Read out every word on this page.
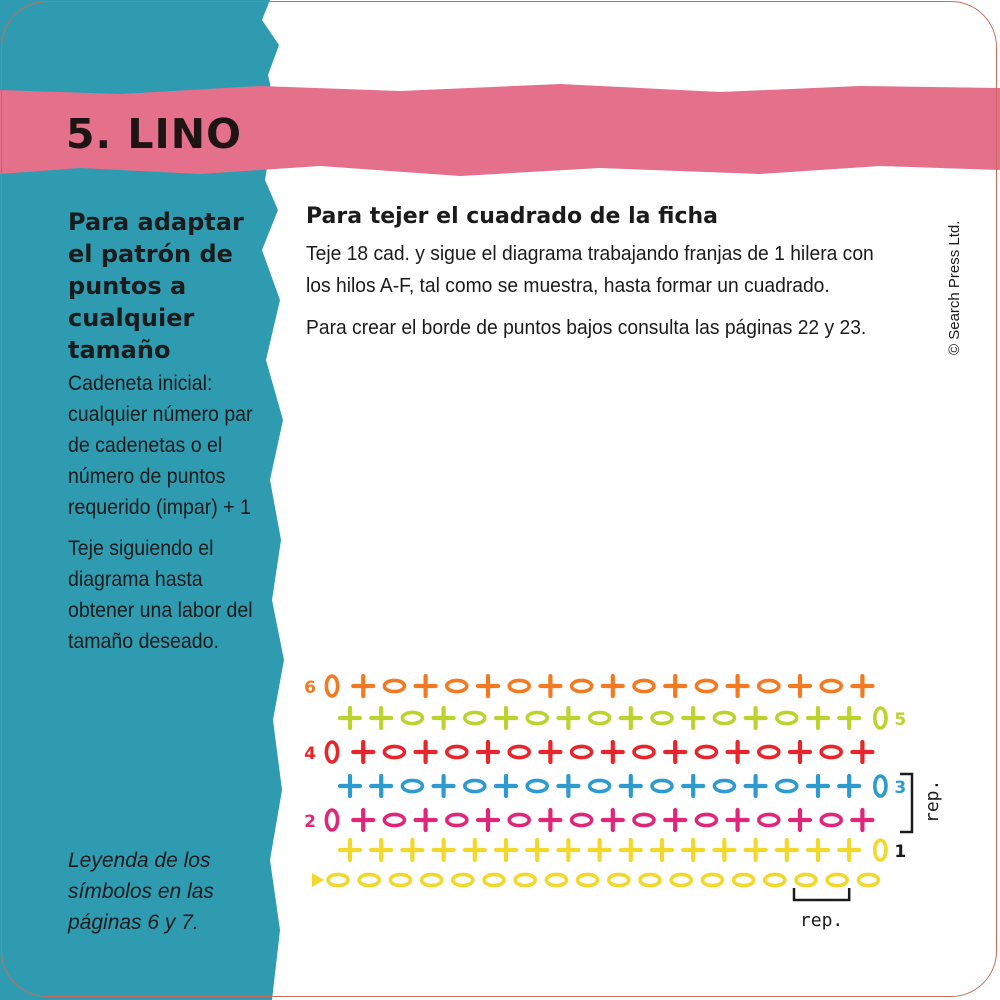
5. LINO
Para adaptar el patrón de puntos a cualquier tamaño

Cadeneta inicial: cualquier número par de cadenetas o el número de puntos requerido (impar) + 1

Teje siguiendo el diagrama hasta obtener una labor del tamaño deseado.

Leyenda de los símbolos en las páginas 6 y 7.

Para tejer el cuadrado de la ficha

Teje 18 cad. y sigue el diagrama trabajando franjas de 1 hilera con los hilos A-F, tal como se muestra, hasta formar un cuadrado.

Para crear el borde de puntos bajos consulta las páginas 22 y 23.	© Search Press Ltd.

1
2
3
4
5
6
rep.
rep.
